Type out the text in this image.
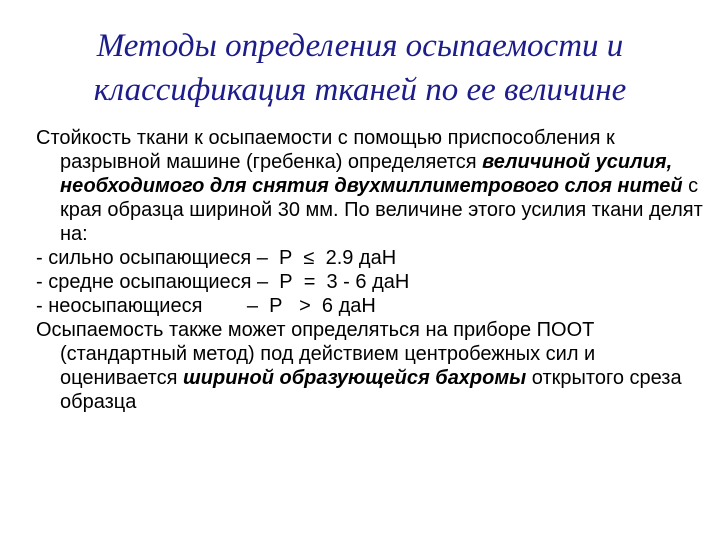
Методы определения осыпаемости и
классификация тканей по ее величине
Стойкость ткани к осыпаемости с помощью приспособления к разрывной машине (гребенка) определяется величиной усилия, необходимого для снятия двухмиллиметрового слоя нитей с края образца шириной 30 мм. По величине этого усилия ткани делят на:
- сильно осыпающиеся –  Р  ≤  2.9 даН
- средне осыпающиеся –  Р  =  3 - 6 даН
- неосыпающиеся        –  Р   >  6 даН
Осыпаемость также может определяться на приборе ПООТ (стандартный метод) под действием центробежных сил и оценивается шириной образующейся бахромы открытого среза образца
